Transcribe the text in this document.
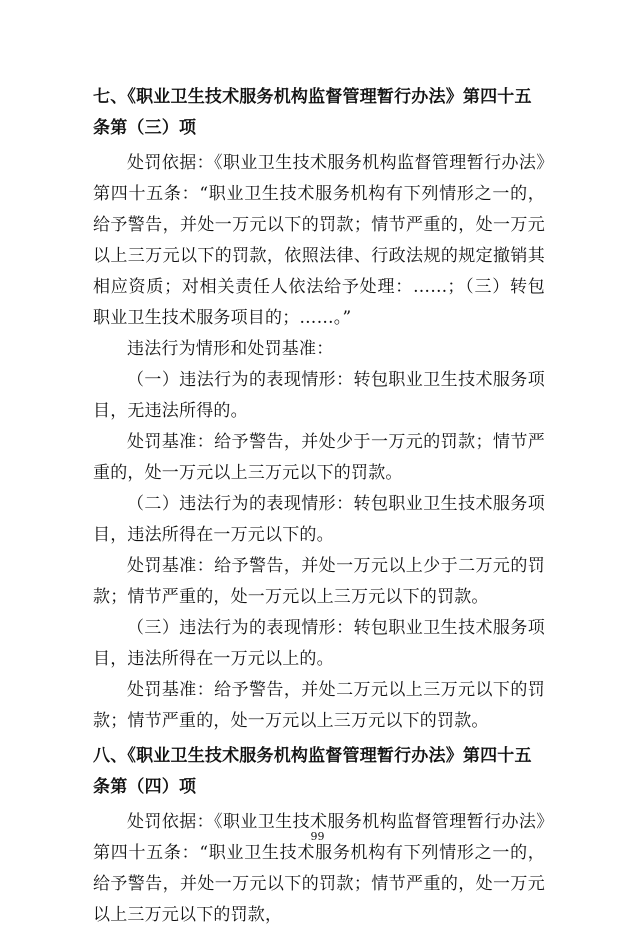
七、《职业卫生技术服务机构监督管理暂行办法》第四十五条第（三）项

处罚依据：《职业卫生技术服务机构监督管理暂行办法》第四十五条：“职业卫生技术服务机构有下列情形之一的，给予警告，并处一万元以下的罚款；情节严重的，处一万元以上三万元以下的罚款，依照法律、行政法规的规定撤销其相应资质；对相关责任人依法给予处理：……；（三）转包职业卫生技术服务项目的；……。”

违法行为情形和处罚基准：

（一）违法行为的表现情形：转包职业卫生技术服务项目，无违法所得的。

处罚基准：给予警告，并处少于一万元的罚款；情节严重的，处一万元以上三万元以下的罚款。

（二）违法行为的表现情形：转包职业卫生技术服务项目，违法所得在一万元以下的。

处罚基准：给予警告，并处一万元以上少于二万元的罚款；情节严重的，处一万元以上三万元以下的罚款。

（三）违法行为的表现情形：转包职业卫生技术服务项目，违法所得在一万元以上的。

处罚基准：给予警告，并处二万元以上三万元以下的罚款；情节严重的，处一万元以上三万元以下的罚款。

八、《职业卫生技术服务机构监督管理暂行办法》第四十五条第（四）项

处罚依据：《职业卫生技术服务机构监督管理暂行办法》第四十五条：“职业卫生技术服务机构有下列情形之一的，给予警告，并处一万元以下的罚款；情节严重的，处一万元以上三万元以下的罚款，

99
